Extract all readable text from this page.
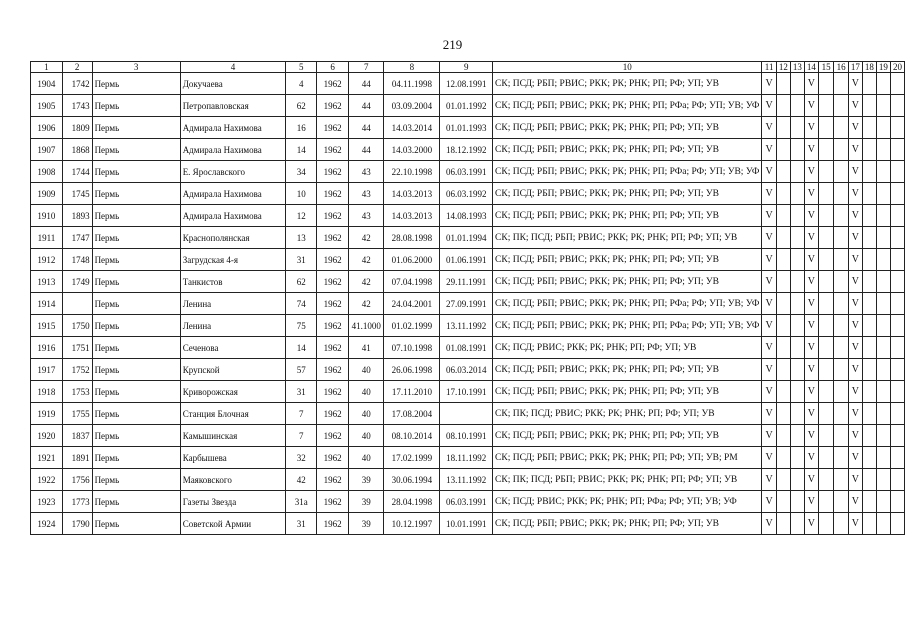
219
1	2	3	4	5	6	7	8	9	10	11	12	13	14	15	16	17	18	19	20
1904	1742	Пермь	Докучаева	4	1962	44	04.11.1998	12.08.1991	СК; ПСД; РБП; РВИС; РКК; РК; РНК; РП; РФ; УП; УВ	V			V			V			
1905	1743	Пермь	Петропавловская	62	1962	44	03.09.2004	01.01.1992	СК; ПСД; РБП; РВИС; РКК; РК; РНК; РП; РФа; РФ; УП; УВ; УФ	V			V			V			
1906	1809	Пермь	Адмирала Нахимова	16	1962	44	14.03.2014	01.01.1993	СК; ПСД; РБП; РВИС; РКК; РК; РНК; РП; РФ; УП; УВ	V			V			V			
1907	1868	Пермь	Адмирала Нахимова	14	1962	44	14.03.2000	18.12.1992	СК; ПСД; РБП; РВИС; РКК; РК; РНК; РП; РФ; УП; УВ	V			V			V			
1908	1744	Пермь	Е. Ярославского	34	1962	43	22.10.1998	06.03.1991	СК; ПСД; РБП; РВИС; РКК; РК; РНК; РП; РФа; РФ; УП; УВ; УФ	V			V			V			
1909	1745	Пермь	Адмирала Нахимова	10	1962	43	14.03.2013	06.03.1992	СК; ПСД; РБП; РВИС; РКК; РК; РНК; РП; РФ; УП; УВ	V			V			V			
1910	1893	Пермь	Адмирала Нахимова	12	1962	43	14.03.2013	14.08.1993	СК; ПСД; РБП; РВИС; РКК; РК; РНК; РП; РФ; УП; УВ	V			V			V			
1911	1747	Пермь	Краснополянская	13	1962	42	28.08.1998	01.01.1994	СК; ПК; ПСД; РБП; РВИС; РКК; РК; РНК; РП; РФ; УП; УВ	V			V			V			
1912	1748	Пермь	Загрудская 4-я	31	1962	42	01.06.2000	01.06.1991	СК; ПСД; РБП; РВИС; РКК; РК; РНК; РП; РФ; УП; УВ	V			V			V			
1913	1749	Пермь	Танкистов	62	1962	42	07.04.1998	29.11.1991	СК; ПСД; РБП; РВИС; РКК; РК; РНК; РП; РФ; УП; УВ	V			V			V			
1914		Пермь	Ленина	74	1962	42	24.04.2001	27.09.1991	СК; ПСД; РБП; РВИС; РКК; РК; РНК; РП; РФа; РФ; УП; УВ; УФ	V			V			V			
1915	1750	Пермь	Ленина	75	1962	41.1000	01.02.1999	13.11.1992	СК; ПСД; РБП; РВИС; РКК; РК; РНК; РП; РФа; РФ; УП; УВ; УФ	V			V			V			
1916	1751	Пермь	Сеченова	14	1962	41	07.10.1998	01.08.1991	СК; ПСД; РВИС; РКК; РК; РНК; РП; РФ; УП; УВ	V			V			V			
1917	1752	Пермь	Крупской	57	1962	40	26.06.1998	06.03.2014	СК; ПСД; РБП; РВИС; РКК; РК; РНК; РП; РФ; УП; УВ	V			V			V			
1918	1753	Пермь	Криворожская	31	1962	40	17.11.2010	17.10.1991	СК; ПСД; РБП; РВИС; РКК; РК; РНК; РП; РФ; УП; УВ	V			V			V			
1919	1755	Пермь	Станция Блочная	7	1962	40	17.08.2004		СК; ПК; ПСД; РВИС; РКК; РК; РНК; РП; РФ; УП; УВ	V			V			V			
1920	1837	Пермь	Камышинская	7	1962	40	08.10.2014	08.10.1991	СК; ПСД; РБП; РВИС; РКК; РК; РНК; РП; РФ; УП; УВ	V			V			V			
1921	1891	Пермь	Карбышева	32	1962	40	17.02.1999	18.11.1992	СК; ПСД; РБП; РВИС; РКК; РК; РНК; РП; РФ; УП; УВ; РМ	V			V			V			
1922	1756	Пермь	Маяковского	42	1962	39	30.06.1994	13.11.1992	СК; ПК; ПСД; РБП; РВИС; РКК; РК; РНК; РП; РФ; УП; УВ	V			V			V			
1923	1773	Пермь	Газеты Звезда	31а	1962	39	28.04.1998	06.03.1991	СК; ПСД; РВИС; РКК; РК; РНК; РП; РФа; РФ; УП; УВ; УФ	V			V			V			
1924	1790	Пермь	Советской Армии	31	1962	39	10.12.1997	10.01.1991	СК; ПСД; РБП; РВИС; РКК; РК; РНК; РП; РФ; УП; УВ	V			V			V			
